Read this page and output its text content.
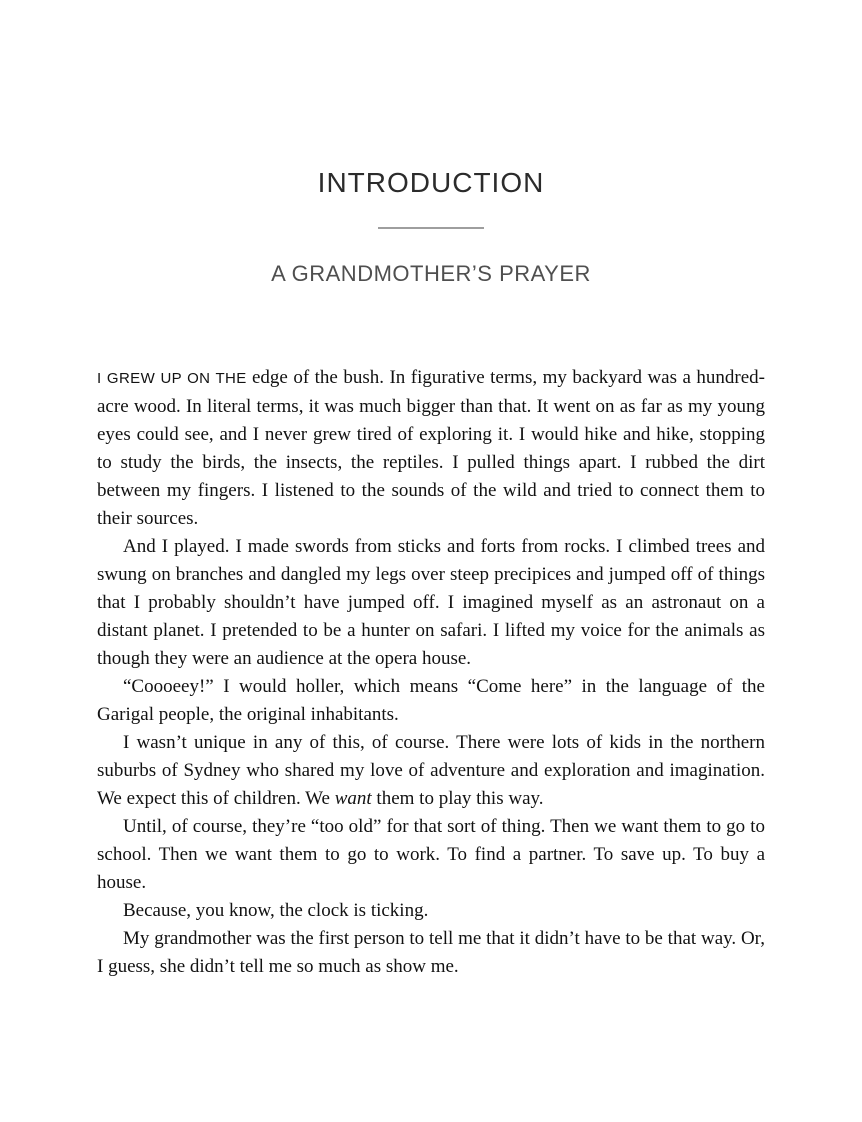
INTRODUCTION
A GRANDMOTHER’S PRAYER

I GREW UP ON THE edge of the bush. In figurative terms, my backyard was a hundred-acre wood. In literal terms, it was much bigger than that. It went on as far as my young eyes could see, and I never grew tired of exploring it. I would hike and hike, stopping to study the birds, the insects, the reptiles. I pulled things apart. I rubbed the dirt between my fingers. I listened to the sounds of the wild and tried to connect them to their sources.

And I played. I made swords from sticks and forts from rocks. I climbed trees and swung on branches and dangled my legs over steep precipices and jumped off of things that I probably shouldn’t have jumped off. I imagined myself as an astronaut on a distant planet. I pretended to be a hunter on safari. I lifted my voice for the animals as though they were an audience at the opera house.

“Coooeey!” I would holler, which means “Come here” in the language of the Garigal people, the original inhabitants.

I wasn’t unique in any of this, of course. There were lots of kids in the northern suburbs of Sydney who shared my love of adventure and exploration and imagination. We expect this of children. We want them to play this way.

Until, of course, they’re “too old” for that sort of thing. Then we want them to go to school. Then we want them to go to work. To find a partner. To save up. To buy a house.

Because, you know, the clock is ticking.

My grandmother was the first person to tell me that it didn’t have to be that way. Or, I guess, she didn’t tell me so much as show me.
